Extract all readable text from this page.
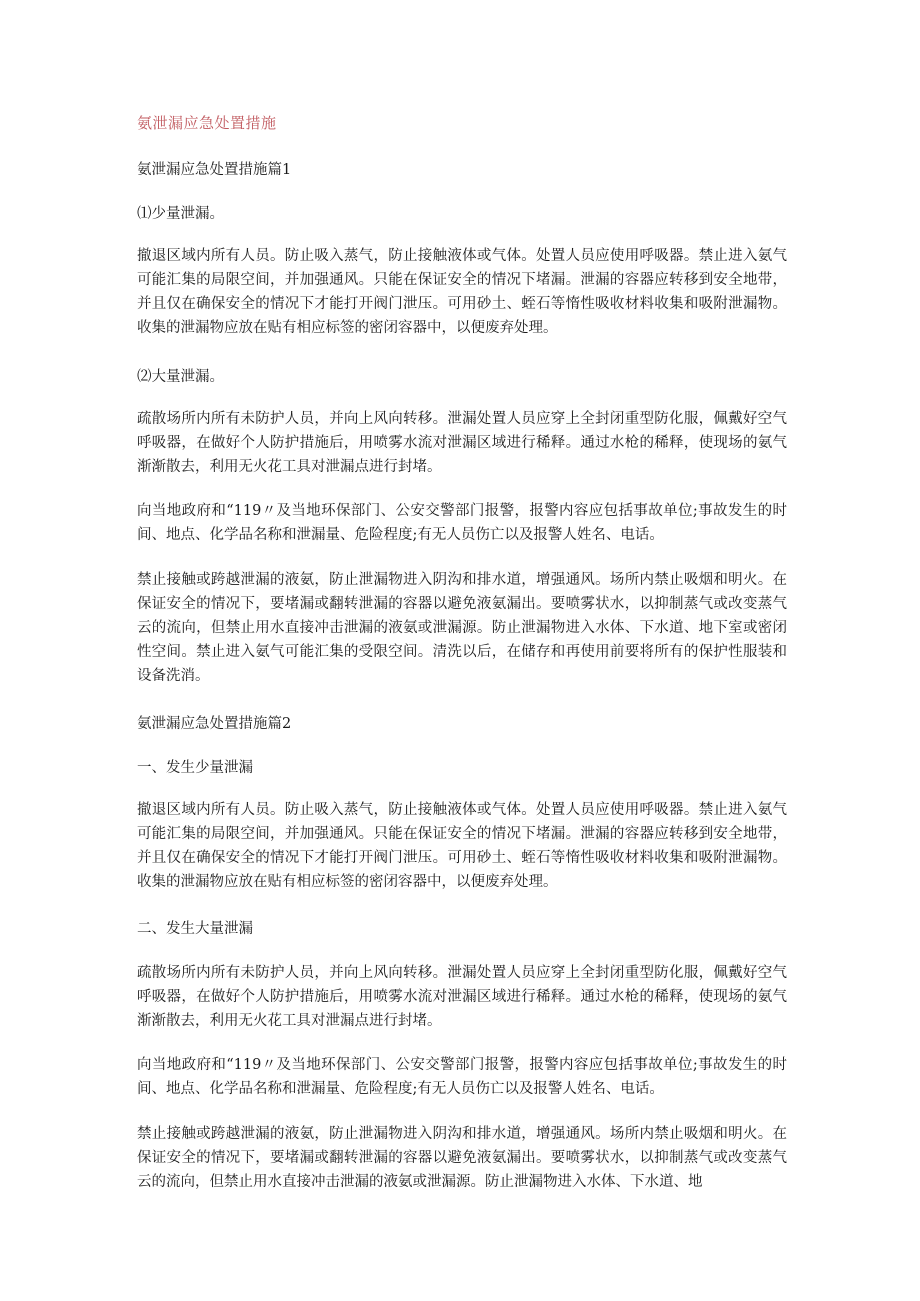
氨泄漏应急处置措施

氨泄漏应急处置措施篇1

⑴少量泄漏。

撤退区域内所有人员。防止吸入蒸气，防止接触液体或气体。处置人员应使用呼吸器。禁止进入氨气可能汇集的局限空间，并加强通风。只能在保证安全的情况下堵漏。泄漏的容器应转移到安全地带，并且仅在确保安全的情况下才能打开阀门泄压。可用砂土、蛭石等惰性吸收材料收集和吸附泄漏物。收集的泄漏物应放在贴有相应标签的密闭容器中，以便废弃处理。

⑵大量泄漏。

疏散场所内所有未防护人员，并向上风向转移。泄漏处置人员应穿上全封闭重型防化服，佩戴好空气呼吸器，在做好个人防护措施后，用喷雾水流对泄漏区域进行稀释。通过水枪的稀释，使现场的氨气渐渐散去，利用无火花工具对泄漏点进行封堵。

向当地政府和“119〃及当地环保部门、公安交警部门报警，报警内容应包括事故单位;事故发生的时间、地点、化学品名称和泄漏量、危险程度;有无人员伤亡以及报警人姓名、电话。

禁止接触或跨越泄漏的液氨，防止泄漏物进入阴沟和排水道，增强通风。场所内禁止吸烟和明火。在保证安全的情况下，要堵漏或翻转泄漏的容器以避免液氨漏出。要喷雾状水，以抑制蒸气或改变蒸气云的流向，但禁止用水直接冲击泄漏的液氨或泄漏源。防止泄漏物进入水体、下水道、地下室或密闭性空间。禁止进入氨气可能汇集的受限空间。清洗以后，在储存和再使用前要将所有的保护性服装和设备洗消。

氨泄漏应急处置措施篇2

一、发生少量泄漏

撤退区域内所有人员。防止吸入蒸气，防止接触液体或气体。处置人员应使用呼吸器。禁止进入氨气可能汇集的局限空间，并加强通风。只能在保证安全的情况下堵漏。泄漏的容器应转移到安全地带，并且仅在确保安全的情况下才能打开阀门泄压。可用砂土、蛭石等惰性吸收材料收集和吸附泄漏物。收集的泄漏物应放在贴有相应标签的密闭容器中，以便废弃处理。

二、发生大量泄漏

疏散场所内所有未防护人员，并向上风向转移。泄漏处置人员应穿上全封闭重型防化服，佩戴好空气呼吸器，在做好个人防护措施后，用喷雾水流对泄漏区域进行稀释。通过水枪的稀释，使现场的氨气渐渐散去，利用无火花工具对泄漏点进行封堵。

向当地政府和“119〃及当地环保部门、公安交警部门报警，报警内容应包括事故单位;事故发生的时间、地点、化学品名称和泄漏量、危险程度;有无人员伤亡以及报警人姓名、电话。

禁止接触或跨越泄漏的液氨，防止泄漏物进入阴沟和排水道，增强通风。场所内禁止吸烟和明火。在保证安全的情况下，要堵漏或翻转泄漏的容器以避免液氨漏出。要喷雾状水，以抑制蒸气或改变蒸气云的流向，但禁止用水直接冲击泄漏的液氨或泄漏源。防止泄漏物进入水体、下水道、地
